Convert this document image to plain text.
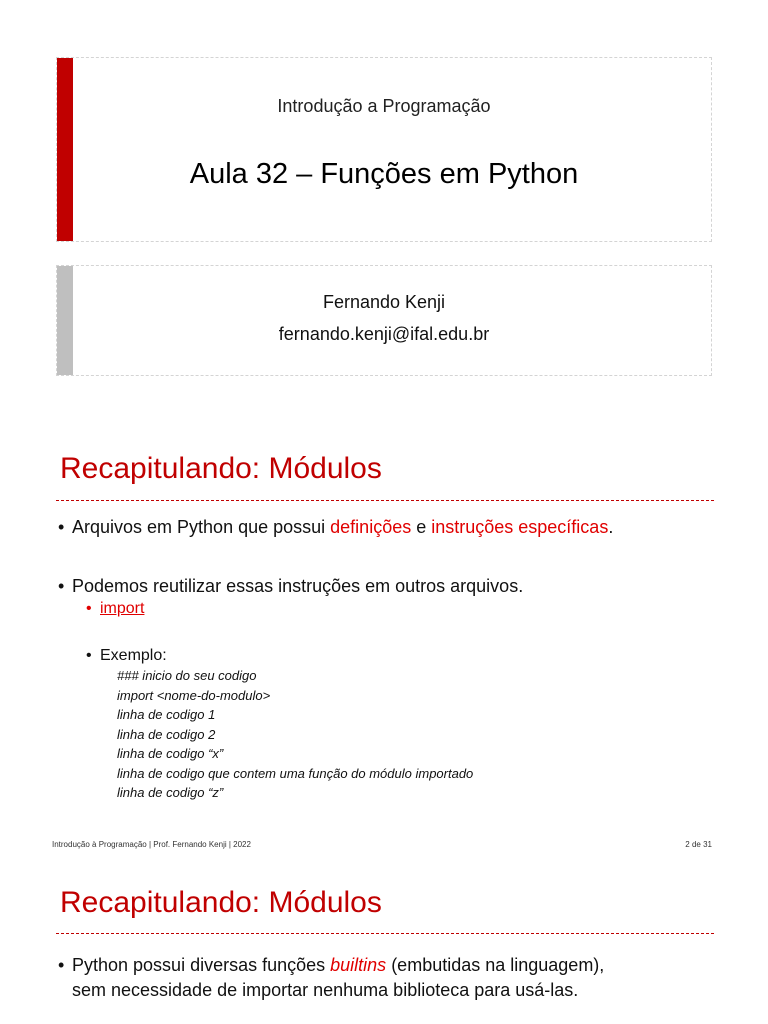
Introdução a Programação
Aula 32 – Funções em Python
Fernando Kenji
fernando.kenji@ifal.edu.br
Recapitulando: Módulos
• Arquivos em Python que possui definições e instruções específicas.
• Podemos reutilizar essas instruções em outros arquivos.
• import
• Exemplo:
### inicio do seu codigo
import <nome-do-modulo>
linha de codigo 1
linha de codigo 2
linha de codigo “x”
linha de codigo que contem uma função do módulo importado
linha de codigo “z”
Introdução à Programação | Prof. Fernando Kenji | 2022	2 de 31
Recapitulando: Módulos
• Python possui diversas funções builtins (embutidas na linguagem),
sem necessidade de importar nenhuma biblioteca para usá-las.
